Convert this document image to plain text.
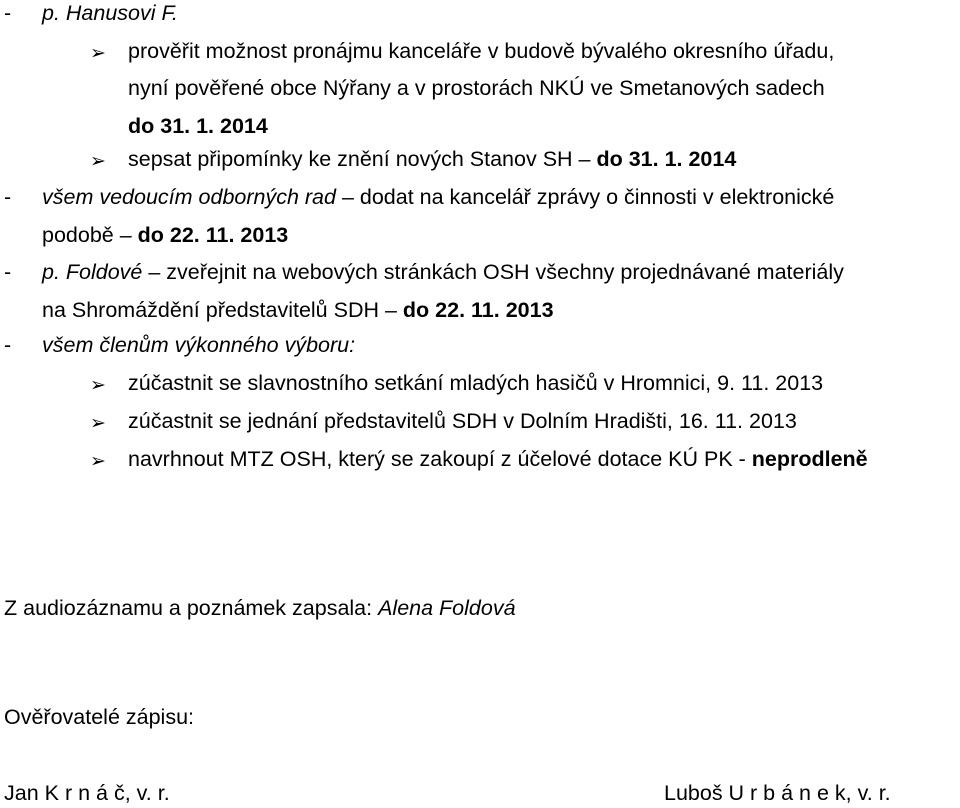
- p. Hanusovi F.
➢ prověřit možnost pronájmu kanceláře v budově bývalého okresního úřadu,
nyní pověřené obce Nýřany a v prostorách NKÚ ve Smetanových sadech
do 31. 1. 2014
➢ sepsat připomínky ke znění nových Stanov SH – do 31. 1. 2014
- všem vedoucím odborných rad – dodat na kancelář zprávy o činnosti v elektronické
podobě – do 22. 11. 2013
- p. Foldové – zveřejnit na webových stránkách OSH všechny projednávané materiály
na Shromáždění představitelů SDH – do 22. 11. 2013
- všem členům výkonného výboru:
➢ zúčastnit se slavnostního setkání mladých hasičů v Hromnici, 9. 11. 2013
➢ zúčastnit se jednání představitelů SDH v Dolním Hradišti, 16. 11. 2013
➢ navrhnout MTZ OSH, který se zakoupí z účelové dotace KÚ PK - neprodleně
Z audiozáznamu a poznámek zapsala: Alena Foldová
Ověřovatelé zápisu:
Jan K r n á č, v. r.	Luboš U r b á n e k, v. r.
